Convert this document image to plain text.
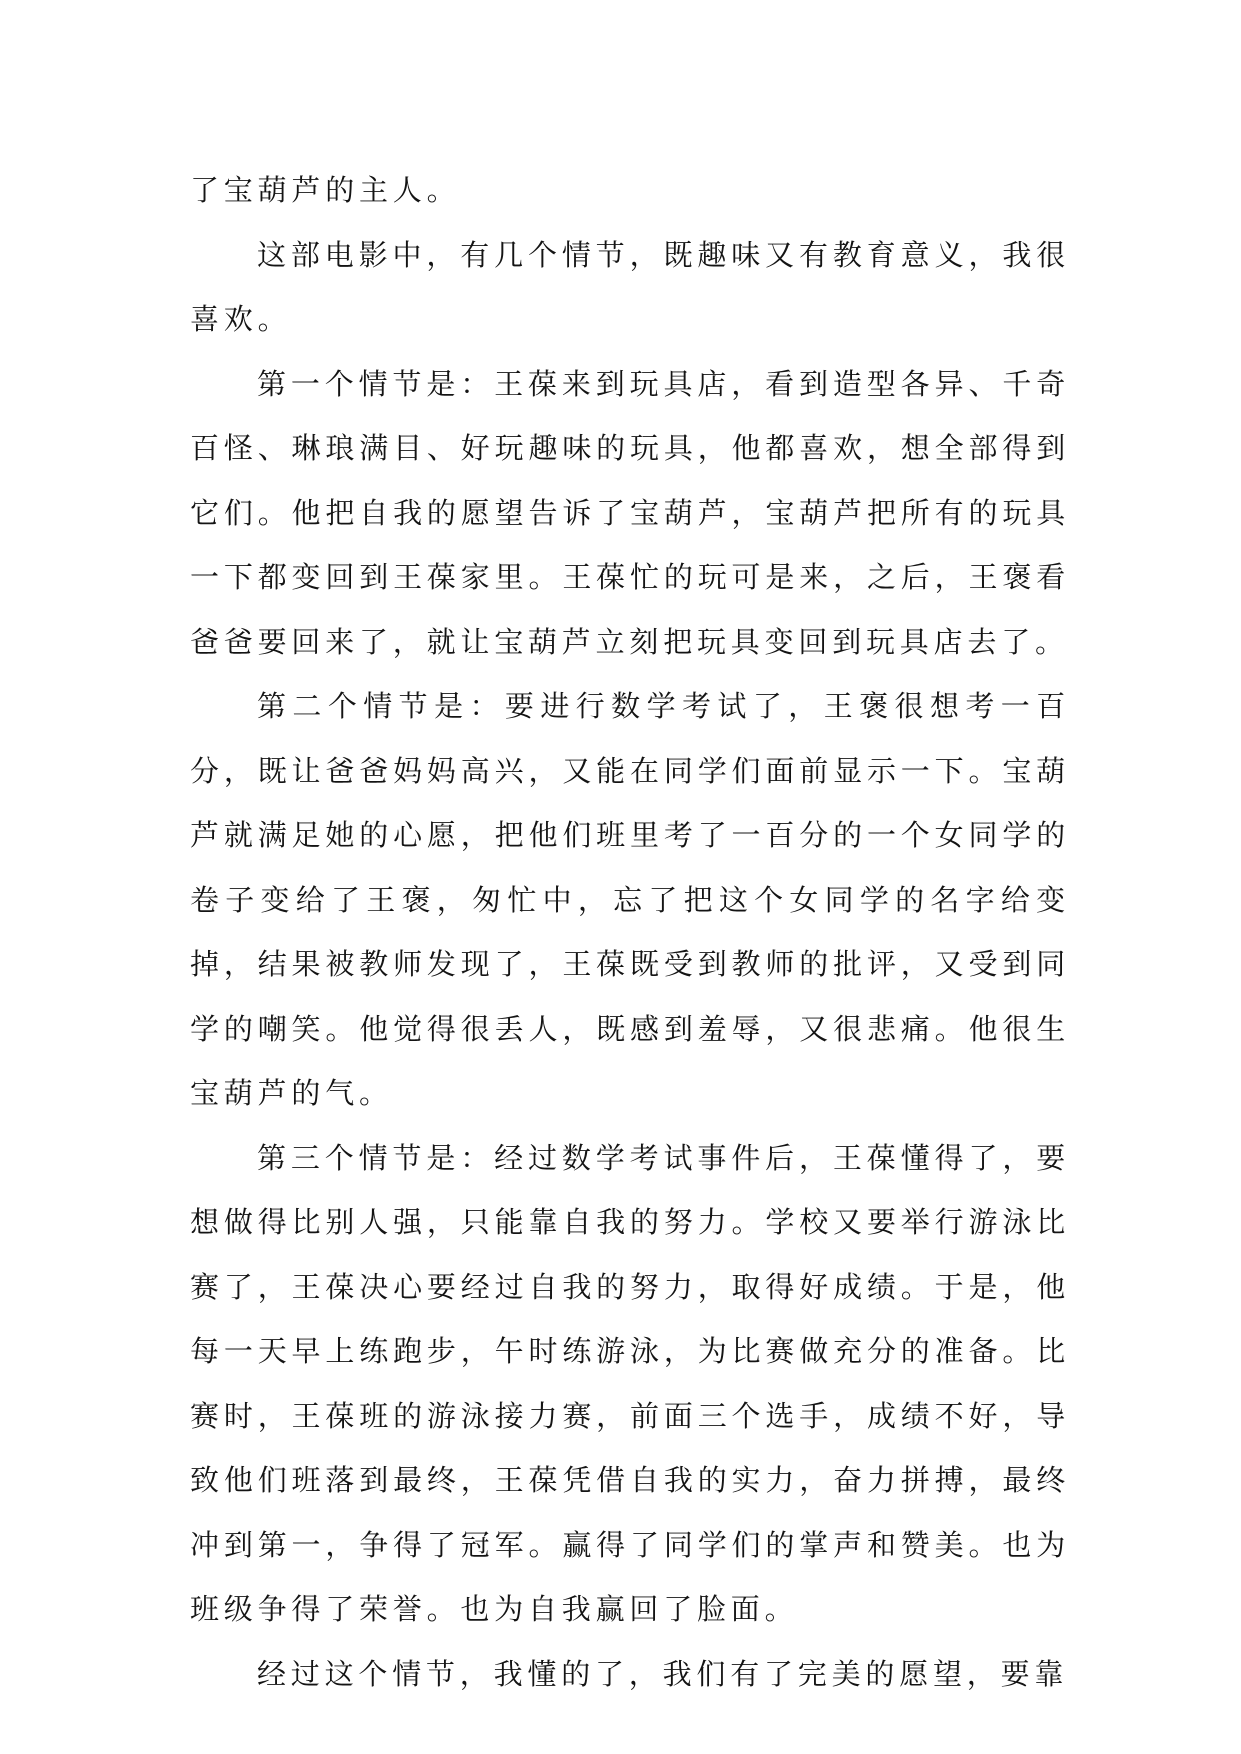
了宝葫芦的主人。

这部电影中，有几个情节，既趣味又有教育意义，我很喜欢。

第一个情节是：王葆来到玩具店，看到造型各异、千奇百怪、琳琅满目、好玩趣味的玩具，他都喜欢，想全部得到它们。他把自我的愿望告诉了宝葫芦，宝葫芦把所有的玩具一下都变回到王葆家里。王葆忙的玩可是来，之后，王褒看爸爸要回来了，就让宝葫芦立刻把玩具变回到玩具店去了。

第二个情节是：要进行数学考试了，王褒很想考一百分，既让爸爸妈妈高兴，又能在同学们面前显示一下。宝葫芦就满足她的心愿，把他们班里考了一百分的一个女同学的卷子变给了王褒，匆忙中，忘了把这个女同学的名字给变掉，结果被教师发现了，王葆既受到教师的批评，又受到同学的嘲笑。他觉得很丢人，既感到羞辱，又很悲痛。他很生宝葫芦的气。

第三个情节是：经过数学考试事件后，王葆懂得了，要想做得比别人强，只能靠自我的努力。学校又要举行游泳比赛了，王葆决心要经过自我的努力，取得好成绩。于是，他每一天早上练跑步，午时练游泳，为比赛做充分的准备。比赛时，王葆班的游泳接力赛，前面三个选手，成绩不好，导致他们班落到最终，王葆凭借自我的实力，奋力拼搏，最终冲到第一，争得了冠军。赢得了同学们的掌声和赞美。也为班级争得了荣誉。也为自我赢回了脸面。

经过这个情节，我懂的了，我们有了完美的愿望，要靠
